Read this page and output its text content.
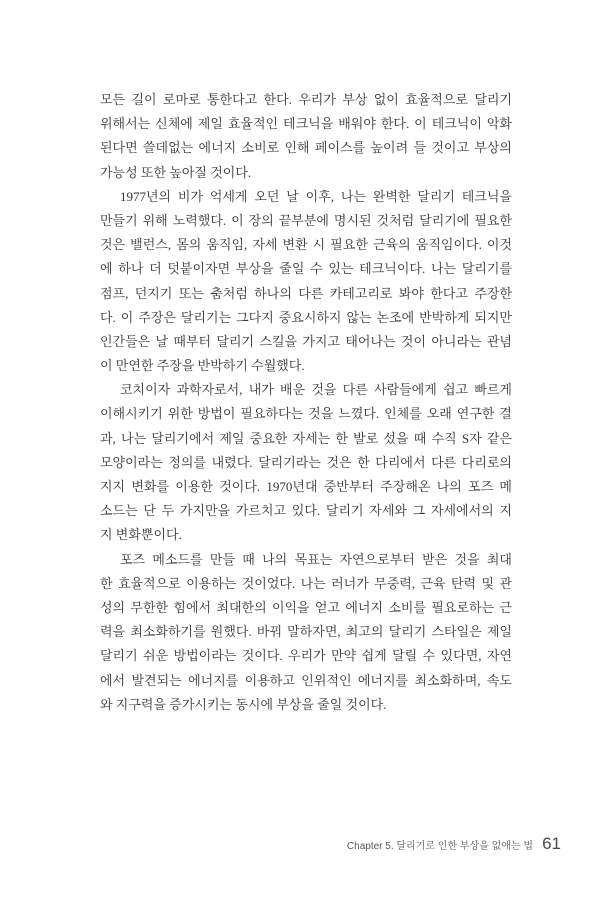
모든 길이 로마로 통한다고 한다. 우리가 부상 없이 효율적으로 달리기
위해서는 신체에 제일 효율적인 테크닉을 배워야 한다. 이 테크닉이 악화
된다면 쓸데없는 에너지 소비로 인해 페이스를 높이려 들 것이고 부상의
가능성 또한 높아질 것이다.
1977년의 비가 억세게 오던 날 이후, 나는 완벽한 달리기 테크닉을
만들기 위해 노력했다. 이 장의 끝부분에 명시된 것처럼 달리기에 필요한
것은 밸런스, 몸의 움직임, 자세 변환 시 필요한 근육의 움직임이다. 이것
에 하나 더 덧붙이자면 부상을 줄일 수 있는 테크닉이다. 나는 달리기를
점프, 던지기 또는 춤처럼 하나의 다른 카테고리로 봐야 한다고 주장한
다. 이 주장은 달리기는 그다지 중요시하지 않는 논조에 반박하게 되지만
인간들은 날 때부터 달리기 스킬을 가지고 태어나는 것이 아니라는 관념
이 만연한 주장을 반박하기 수월했다.
코치이자 과학자로서, 내가 배운 것을 다른 사람들에게 쉽고 빠르게
이해시키기 위한 방법이 필요하다는 것을 느꼈다. 인체를 오래 연구한 결
과, 나는 달리기에서 제일 중요한 자세는 한 발로 섰을 때 수직 S자 같은
모양이라는 정의를 내렸다. 달리기라는 것은 한 다리에서 다른 다리로의
지지 변화를 이용한 것이다. 1970년대 중반부터 주장해온 나의 포즈 메
소드는 단 두 가지만을 가르치고 있다. 달리기 자세와 그 자세에서의 지
지 변화뿐이다.
포즈 메소드를 만들 때 나의 목표는 자연으로부터 받은 것을 최대
한 효율적으로 이용하는 것이었다. 나는 러너가 무중력, 근육 탄력 및 관
성의 무한한 힘에서 최대한의 이익을 얻고 에너지 소비를 필요로하는 근
력을 최소화하기를 원했다. 바꿔 말하자면, 최고의 달리기 스타일은 제일
달리기 쉬운 방법이라는 것이다. 우리가 만약 쉽게 달릴 수 있다면, 자연
에서 발견되는 에너지를 이용하고 인위적인 에너지를 최소화하며, 속도
와 지구력을 증가시키는 동시에 부상을 줄일 것이다.
Chapter 5. 달리기로 인한 부상을 없애는 법 61
